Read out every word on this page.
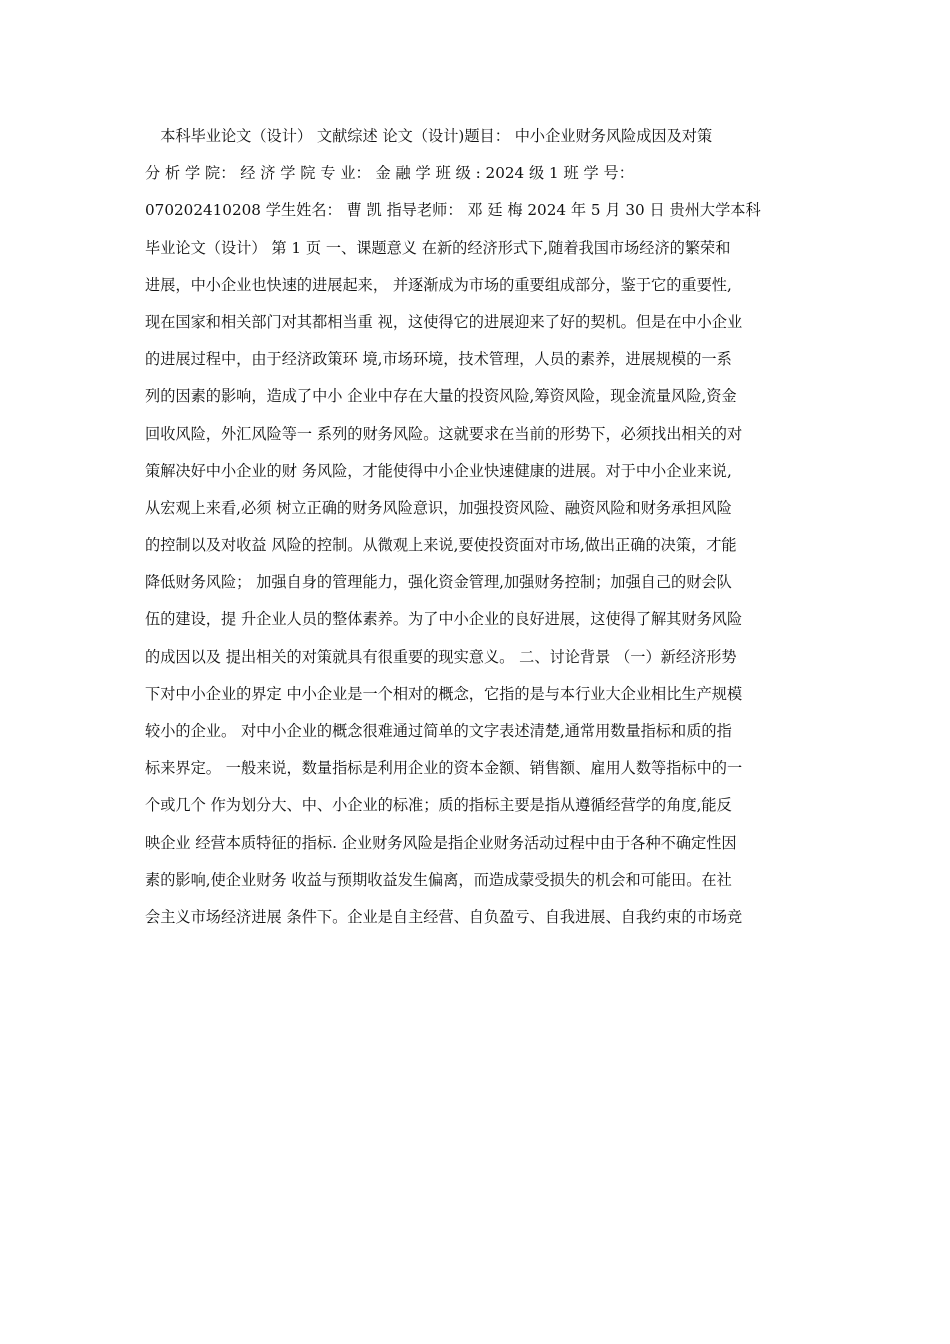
　本科毕业论文（设计） 文献综述 论文（设计)题目： 中小企业财务风险成因及对策
分 析 学 院： 经 济 学 院 专 业： 金 融 学 班 级 : 2024 级 1 班 学 号：
070202410208 学生姓名： 曹 凯 指导老师： 邓 廷 梅 2024 年 5 月 30 日 贵州大学本科
毕业论文（设计） 第 1 页 一、课题意义 在新的经济形式下,随着我国市场经济的繁荣和
进展，中小企业也快速的进展起来， 并逐渐成为市场的重要组成部分，鉴于它的重要性,
现在国家和相关部门对其都相当重 视，这使得它的进展迎来了好的契机。但是在中小企业
的进展过程中，由于经济政策环 境,市场环境，技术管理，人员的素养，进展规模的一系
列的因素的影响，造成了中小 企业中存在大量的投资风险,筹资风险，现金流量风险,资金
回收风险，外汇风险等一 系列的财务风险。这就要求在当前的形势下，必须找出相关的对
策解决好中小企业的财 务风险，才能使得中小企业快速健康的进展。对于中小企业来说,
从宏观上来看,必须 树立正确的财务风险意识，加强投资风险、融资风险和财务承担风险
的控制以及对收益 风险的控制。从微观上来说,要使投资面对市场,做出正确的决策，才能
降低财务风险； 加强自身的管理能力，强化资金管理,加强财务控制；加强自己的财会队
伍的建设，提 升企业人员的整体素养。为了中小企业的良好进展，这使得了解其财务风险
的成因以及 提出相关的对策就具有很重要的现实意义。 二、讨论背景 （一）新经济形势
下对中小企业的界定 中小企业是一个相对的概念，它指的是与本行业大企业相比生产规模
较小的企业。 对中小企业的概念很难通过简单的文字表述清楚,通常用数量指标和质的指
标来界定。 一般来说，数量指标是利用企业的资本金额、销售额、雇用人数等指标中的一
个或几个 作为划分大、中、小企业的标准；质的指标主要是指从遵循经营学的角度,能反
映企业 经营本质特征的指标. 企业财务风险是指企业财务活动过程中由于各种不确定性因
素的影响,使企业财务 收益与预期收益发生偏离，而造成蒙受损失的机会和可能田。在社
会主义市场经济进展 条件下。企业是自主经营、自负盈亏、自我进展、自我约束的市场竞
